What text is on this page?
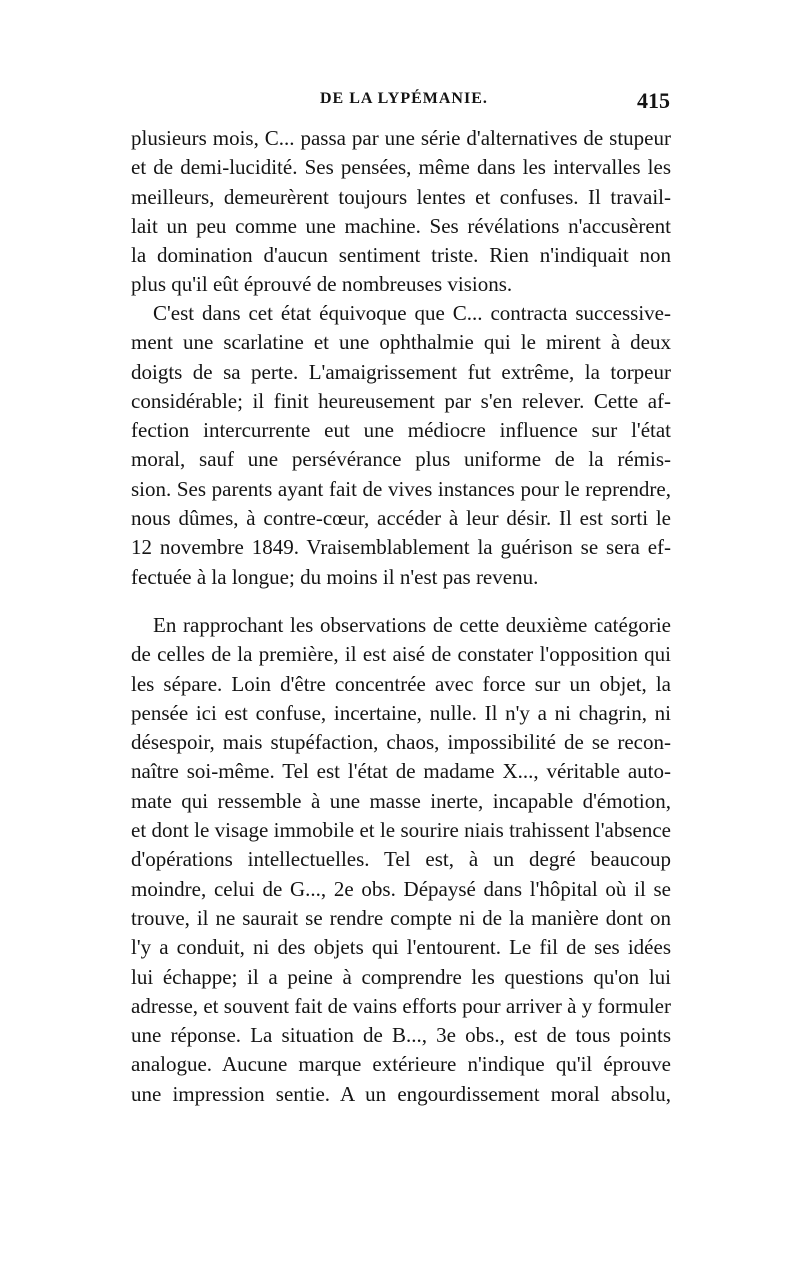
DE LA LYPÉMANIE.	415
plusieurs mois, C... passa par une série d'alternatives de stupeur
et de demi-lucidité. Ses pensées, même dans les intervalles les
meilleurs, demeurèrent toujours lentes et confuses. Il travail-
lait un peu comme une machine. Ses révélations n'accusèrent
la domination d'aucun sentiment triste. Rien n'indiquait non
plus qu'il eût éprouvé de nombreuses visions.
C'est dans cet état équivoque que C... contracta successive-
ment une scarlatine et une ophthalmie qui le mirent à deux
doigts de sa perte. L'amaigrissement fut extrême, la torpeur
considérable; il finit heureusement par s'en relever. Cette af-
fection intercurrente eut une médiocre influence sur l'état
moral, sauf une persévérance plus uniforme de la rémis-
sion. Ses parents ayant fait de vives instances pour le reprendre,
nous dûmes, à contre-cœur, accéder à leur désir. Il est sorti le
12 novembre 1849. Vraisemblablement la guérison se sera ef-
fectuée à la longue; du moins il n'est pas revenu.
En rapprochant les observations de cette deuxième catégorie
de celles de la première, il est aisé de constater l'opposition qui
les sépare. Loin d'être concentrée avec force sur un objet, la
pensée ici est confuse, incertaine, nulle. Il n'y a ni chagrin, ni
désespoir, mais stupéfaction, chaos, impossibilité de se recon-
naître soi-même. Tel est l'état de madame X..., véritable auto-
mate qui ressemble à une masse inerte, incapable d'émotion,
et dont le visage immobile et le sourire niais trahissent l'absence
d'opérations intellectuelles. Tel est, à un degré beaucoup
moindre, celui de G..., 2e obs. Dépaysé dans l'hôpital où il se
trouve, il ne saurait se rendre compte ni de la manière dont on
l'y a conduit, ni des objets qui l'entourent. Le fil de ses idées
lui échappe; il a peine à comprendre les questions qu'on lui
adresse, et souvent fait de vains efforts pour arriver à y formuler
une réponse. La situation de B..., 3e obs., est de tous points
analogue. Aucune marque extérieure n'indique qu'il éprouve
une impression sentie. A un engourdissement moral absolu,
